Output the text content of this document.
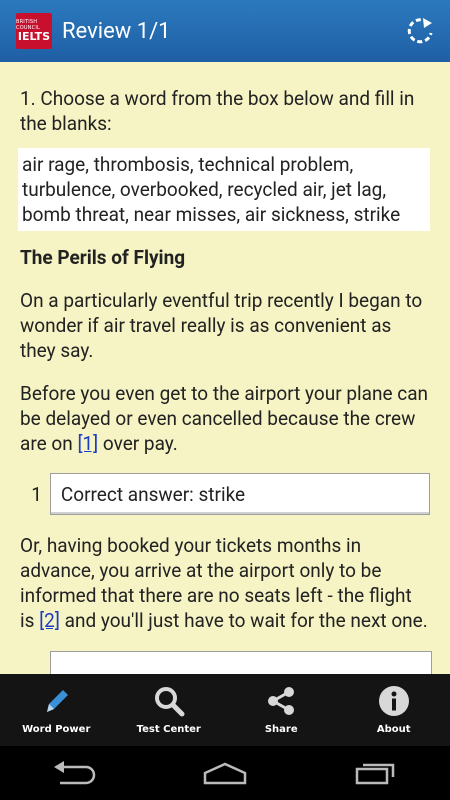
BRITISH COUNCIL
IELTS Review 1/1
1. Choose a word from the box below and fill in the blanks:
air rage, thrombosis, technical problem, turbulence, overbooked, recycled air, jet lag, bomb threat, near misses, air sickness, strike
The Perils of Flying
On a particularly eventful trip recently I began to wonder if air travel really is as convenient as they say.
Before you even get to the airport your plane can be delayed or even cancelled because the crew are on [1] over pay.
1	Correct answer: strike
Or, having booked your tickets months in advance, you arrive at the airport only to be informed that there are no seats left - the flight is [2] and you'll just have to wait for the next one.
Word Power	Test Center	Share	About
